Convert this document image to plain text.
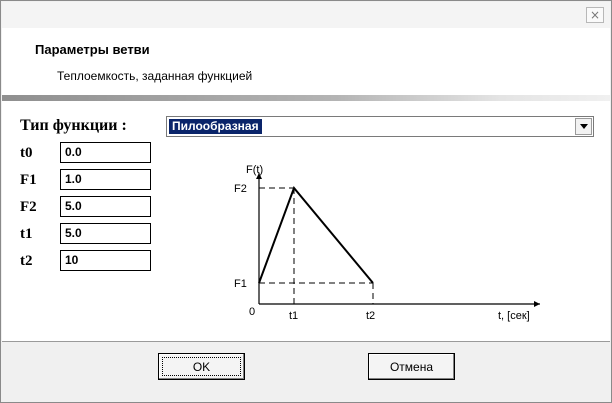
×
Параметры ветви
Теплоемкость, заданная функцией
Тип функции :	Пилообразная
t0	0.0
F1	1.0
F2	5.0
t1	5.0
t2	10
F(t)
F2
F1
0	t1	t2	t, [сек]
OK	Отмена
